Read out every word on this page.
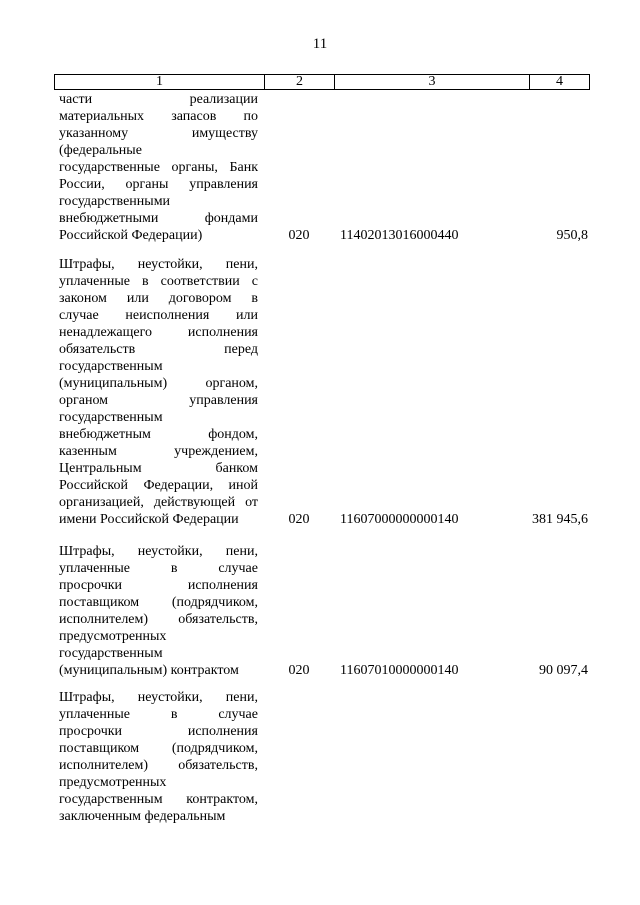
11
1	2	3	4
части реализации
материальных запасов по
указанному имуществу
(федеральные
государственные органы, Банк
России, органы управления
государственными
внебюджетными фондами
Российской Федерации)	020	11402013016000440	950,8
Штрафы, неустойки, пени,
уплаченные в соответствии с
законом или договором в
случае неисполнения или
ненадлежащего исполнения
обязательств перед
государственным
(муниципальным) органом,
органом управления
государственным
внебюджетным фондом,
казенным учреждением,
Центральным банком
Российской Федерации, иной
организацией, действующей от
имени Российской Федерации	020	11607000000000140	381 945,6
Штрафы, неустойки, пени,
уплаченные в случае
просрочки исполнения
поставщиком (подрядчиком,
исполнителем) обязательств,
предусмотренных
государственным
(муниципальным) контрактом	020	11607010000000140	90 097,4
Штрафы, неустойки, пени,
уплаченные в случае
просрочки исполнения
поставщиком (подрядчиком,
исполнителем) обязательств,
предусмотренных
государственным контрактом,
заключенным федеральным
